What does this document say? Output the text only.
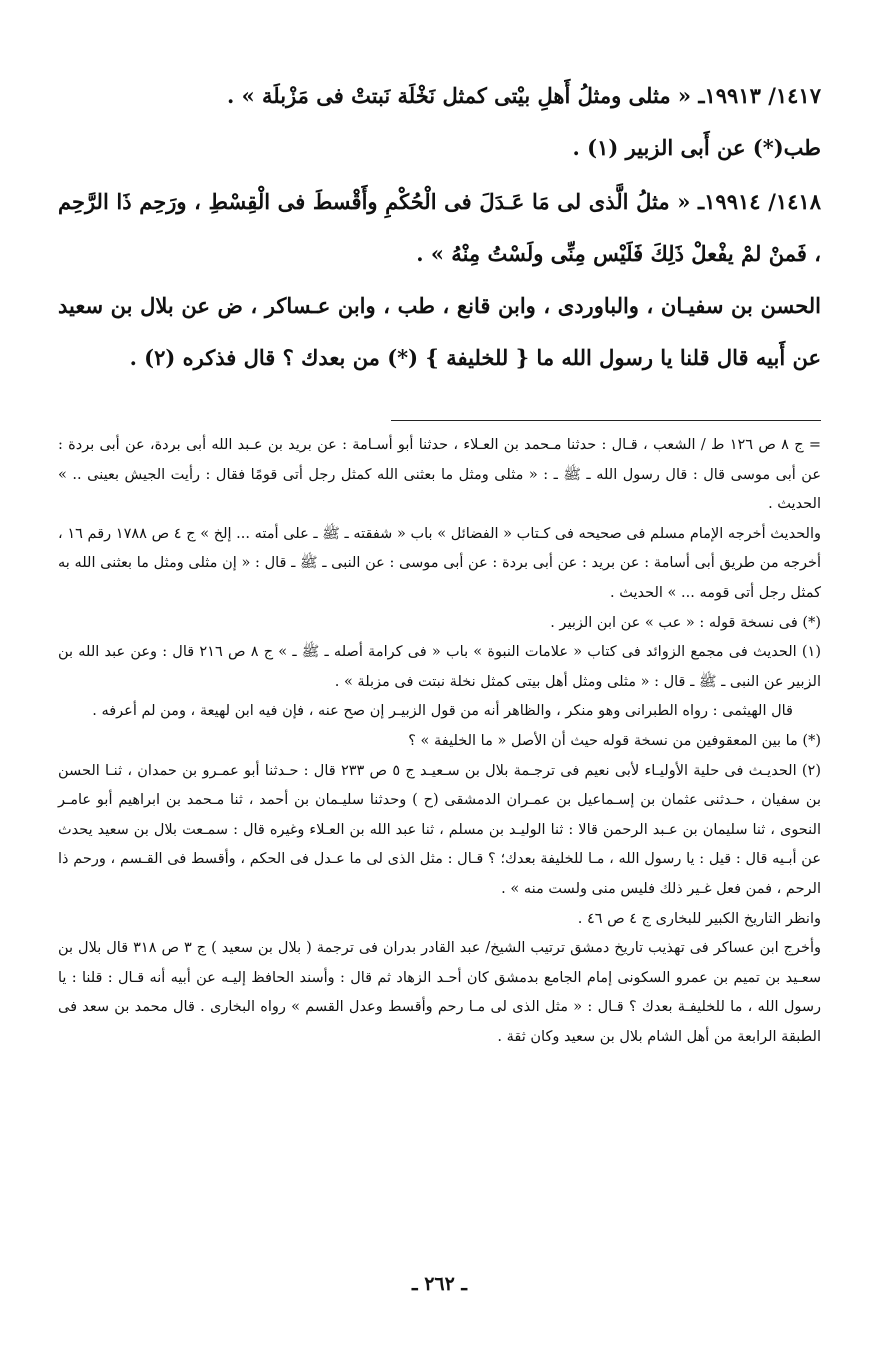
١٤١٧/ ١٩٩١٣ـ « مثلى ومثلُ أَهلِ بيْتى كمثل نَخْلَة نَبتتْ فى مَزْبلَة » .

طب(*) عن أَبى الزبير (١) .

١٤١٨/ ١٩٩١٤ـ « مثلُ الَّذى لى مَا عَـدَلَ فى الْحُكْمِ وأَقْسطَ فى الْقِسْطِ ، ورَحِم ذَا الرَّحِم ، فَمنْ لمْ يفْعلْ ذَلِكَ فَلَيْس مِنِّى ولَسْتُ مِنْهُ » .

الحسن بن سفيـان ، والباوردى ، وابن قانع ، طب ، وابن عـساكر ، ض عن بلال بن سعيد عن أَبيه قال قلنا يا رسول الله ما { للخليفة } (*) من بعدك ؟ قال فذكره (٢) .

= ج ٨ ص ١٢٦ ط / الشعب ، قـال : حدثنا مـحمد بن العـلاء ، حدثنا أبو أسـامة : عن بريد بن عـبد الله أبى بردة، عن أبى بردة : عن أبى موسى قال : قال رسول الله ـ ﷺ ـ : « مثلى ومثل ما بعثنى الله كمثل رجل أتى قومًا فقال : رأيت الجيش بعينى .. » الحديث .

والحديث أخرجه الإمام مسلم فى صحيحه فى كـتاب « الفضائل » باب « شفقته ـ ﷺ ـ على أمته ... إلخ » ج ٤ ص ١٧٨٨ رقم ١٦ ، أخرجه من طريق أبى أسامة : عن بريد : عن أبى بردة : عن أبى موسى : عن النبى ـ ﷺ ـ قال : « إن مثلى ومثل ما بعثنى الله به كمثل رجل أتى قومه ... » الحديث .

(*) فى نسخة قوله : « عب » عن ابن الزبير .

(١) الحديث فى مجمع الزوائد فى كتاب « علامات النبوة » باب « فى كرامة أصله ـ ﷺ ـ » ج ٨ ص ٢١٦ قال : وعن عبد الله بن الزبير عن النبى ـ ﷺ ـ قال : « مثلى ومثل أهل بيتى كمثل نخلة نبتت فى مزبلة » .

قال الهيثمى : رواه الطبرانى وهو منكر ، والظاهر أنه من قول الزبيـر إن صح عنه ، فإن فيه ابن لهيعة ، ومن لم أعرفه .

(*) ما بين المعقوفين من نسخة قوله حيث أن الأصل « ما الخليفة » ؟

(٢) الحديـث فى حلية الأوليـاء لأبى نعيم فى ترجـمة بلال بن سـعيـد ج ٥ ص ٢٣٣ قال : حـدثنا أبو عمـرو بن حمدان ، ثنـا الحسن بن سفيان ، حـدثنى عثمان بن إسـماعيل بن عمـران الدمشقى (ح ) وحدثنا سليـمان بن أحمد ، ثنا مـحمد بن ابراهيم أبو عامـر النحوى ، ثنا سليمان بن عـبد الرحمن قالا : ثنا الوليـد بن مسلم ، ثنا عبد الله بن العـلاء وغيره قال : سمـعت بلال بن سعيد يحدث عن أبـيه قال : قيل : يا رسول الله ، مـا للخليفة بعدك؛ ؟ قـال : مثل الذى لى ما عـدل فى الحكم ، وأقسط فى القـسم ، ورحم ذا الرحم ، فمن فعل غـير ذلك فليس منى ولست منه » .

وانظر التاريخ الكبير للبخارى ج ٤ ص ٤٦ .

وأخرج ابن عساكر فى تهذيب تاريخ دمشق ترتيب الشيخ/ عبد القادر بدران فى ترجمة ( بلال بن سعيد ) ج ٣ ص ٣١٨ قال بلال بن سعـيد بن تميم بن عمرو السكونى إمام الجامع بدمشق كان أحـد الزهاد ثم قال : وأسند الحافظ إليـه عن أبيه أنه قـال : قلنا : يا رسول الله ، ما للخليفـة بعدك ؟ قـال : « مثل الذى لى مـا رحم وأقسط وعدل القسم » رواه البخارى . قال محمد بن سعد فى الطبقة الرابعة من أهل الشام بلال بن سعيد وكان ثقة .

ـ ٢٦٢ ـ
